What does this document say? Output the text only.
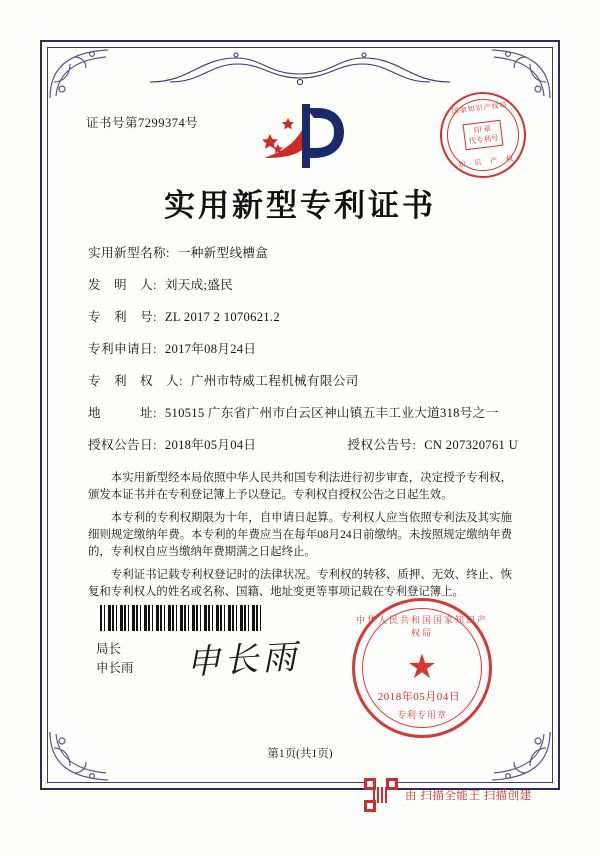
证书号第7299374号
国家知识产权局
印 章
代专利号
知　识　产　权
实用新型专利证书
实用新型名称: 一种新型线槽盒
发　明　人: 刘天成;盛民
专　利　号: ZL 2017 2 1070621.2
专利申请日: 2017年08月24日
专　利　权　人: 广州市特威工程机械有限公司
地　　　址: 510515 广东省广州市白云区神山镇五丰工业大道318号之一
授权公告日: 2018年05月04日	授权公告号: CN 207320761 U

本实用新型经本局依照中华人民共和国专利法进行初步审查，决定授予专利权，颁发本证书并在专利登记簿上予以登记。专利权自授权公告之日起生效。

本专利的专利权期限为十年，自申请日起算。专利权人应当依照专利法及其实施细则规定缴纳年费。本专利的年费应当在每年08月24日前缴纳。未按照规定缴纳年费的，专利权自应当缴纳年费期满之日起终止。

专利证书记载专利权登记时的法律状况。专利权的转移、质押、无效、终止、恢复和专利权人的姓名或名称、国籍、地址变更等事项记载在专利登记簿上。

局长
申长雨 申长雨
中华人民共和国国家知识产权局
★
专利专用章
2018年05月04日
第1页(共1页)
由 扫描全能王 扫描创建
